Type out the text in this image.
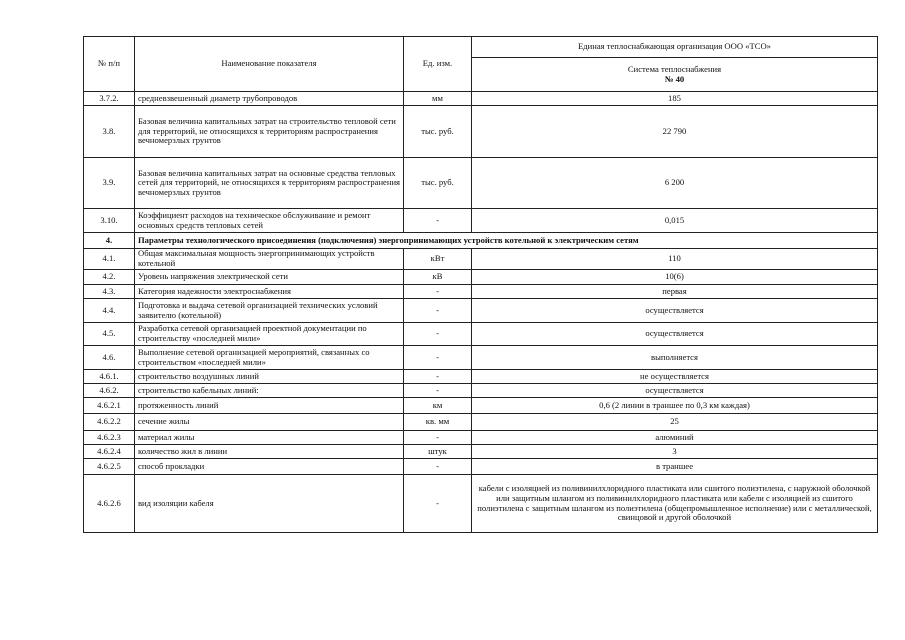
№ п/п	Наименование показателя	Ед. изм.	Единая теплоснабжающая организация ООО «ТСО»

			Система теплоснабжения
№ 40

3.7.2.	средневзвешенный диаметр трубопроводов	мм	185
3.8.	Базовая величина капитальных затрат на строительство тепловой сети для территорий, не относящихся к территориям распространения вечномерзлых грунтов	тыс. руб.	22 790
3.9.	Базовая величина капитальных затрат на основные средства тепловых сетей для территорий, не относящихся к территориям распространения вечномерзлых грунтов	тыс. руб.	6 200
3.10.	Коэффициент расходов на техническое обслуживание и ремонт основных средств тепловых сетей	-	0,015
4.	Параметры технологического присоединения (подключения) энергопринимающих устройств котельной к электрическим сетям		
4.1.	Общая максимальная мощность энергопринимающих устройств котельной	кВт	110
4.2.	Уровень напряжения электрической сети	кВ	10(6)
4.3.	Категория надежности электроснабжения	-	первая
4.4.	Подготовка и выдача сетевой организацией технических условий заявителю (котельной)	-	осуществляется
4.5.	Разработка сетевой организацией проектной документации по строительству «последней мили»	-	осуществляется
4.6.	Выполнение сетевой организацией мероприятий, связанных со строительством «последней мили»	-	выполняется
4.6.1.	строительство воздушных линий	-	не осуществляется
4.6.2.	строительство кабельных линий:	-	осуществляется
4.6.2.1	протяженность линий	км	0,6 (2 линии в траншее по 0,3 км каждая)
4.6.2.2	сечение жилы	кв. мм	25
4.6.2.3	материал жилы	-	алюминий
4.6.2.4	количество жил в линии	штук	3
4.6.2.5	способ прокладки	-	в траншее
4.6.2.6	вид изоляции кабеля	-	кабели с изоляцией из поливинилхлоридного пластиката или сшитого полиэтилена, с наружной оболочкой или защитным шлангом из поливинилхлоридного пластиката или кабели с изоляцией из сшитого полиэтилена с защитным шлангом из полиэтилена (общепромышленное исполнение) или с металлической, свинцовой и другой оболочкой
